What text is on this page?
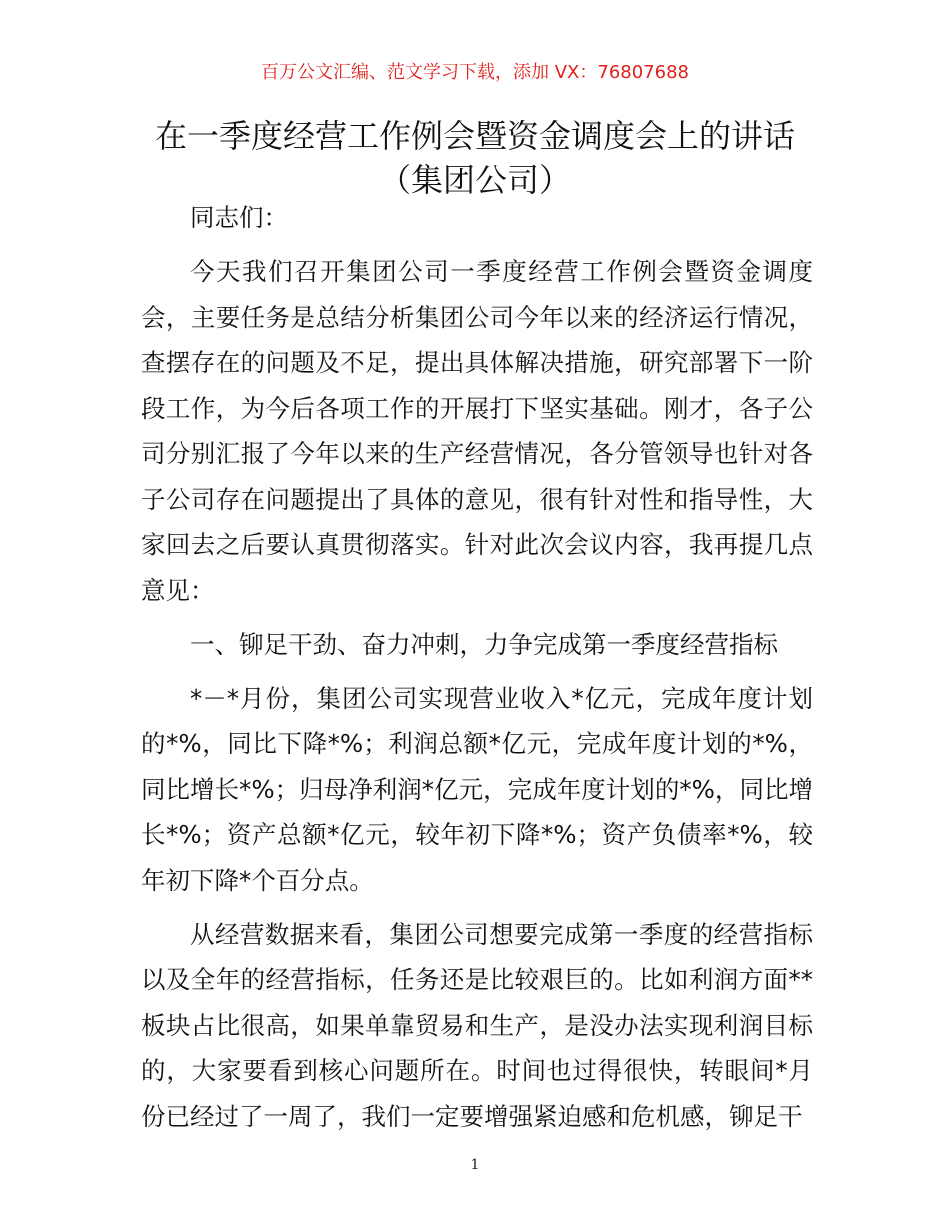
百万公文汇编、范文学习下载，添加 VX：76807688
在一季度经营工作例会暨资金调度会上的讲话
（集团公司）

同志们：

今天我们召开集团公司一季度经营工作例会暨资金调度会，主要任务是总结分析集团公司今年以来的经济运行情况，查摆存在的问题及不足，提出具体解决措施，研究部署下一阶段工作，为今后各项工作的开展打下坚实基础。刚才，各子公司分别汇报了今年以来的生产经营情况，各分管领导也针对各子公司存在问题提出了具体的意见，很有针对性和指导性，大家回去之后要认真贯彻落实。针对此次会议内容，我再提几点意见：

一、铆足干劲、奋力冲刺，力争完成第一季度经营指标

*－*月份，集团公司实现营业收入*亿元，完成年度计划的*%，同比下降*%；利润总额*亿元，完成年度计划的*%，同比增长*%；归母净利润*亿元，完成年度计划的*%，同比增长*%；资产总额*亿元，较年初下降*%；资产负债率*%，较年初下降*个百分点。

从经营数据来看，集团公司想要完成第一季度的经营指标以及全年的经营指标，任务还是比较艰巨的。比如利润方面**板块占比很高，如果单靠贸易和生产，是没办法实现利润目标的，大家要看到核心问题所在。时间也过得很快，转眼间*月份已经过了一周了，我们一定要增强紧迫感和危机感，铆足干

1
